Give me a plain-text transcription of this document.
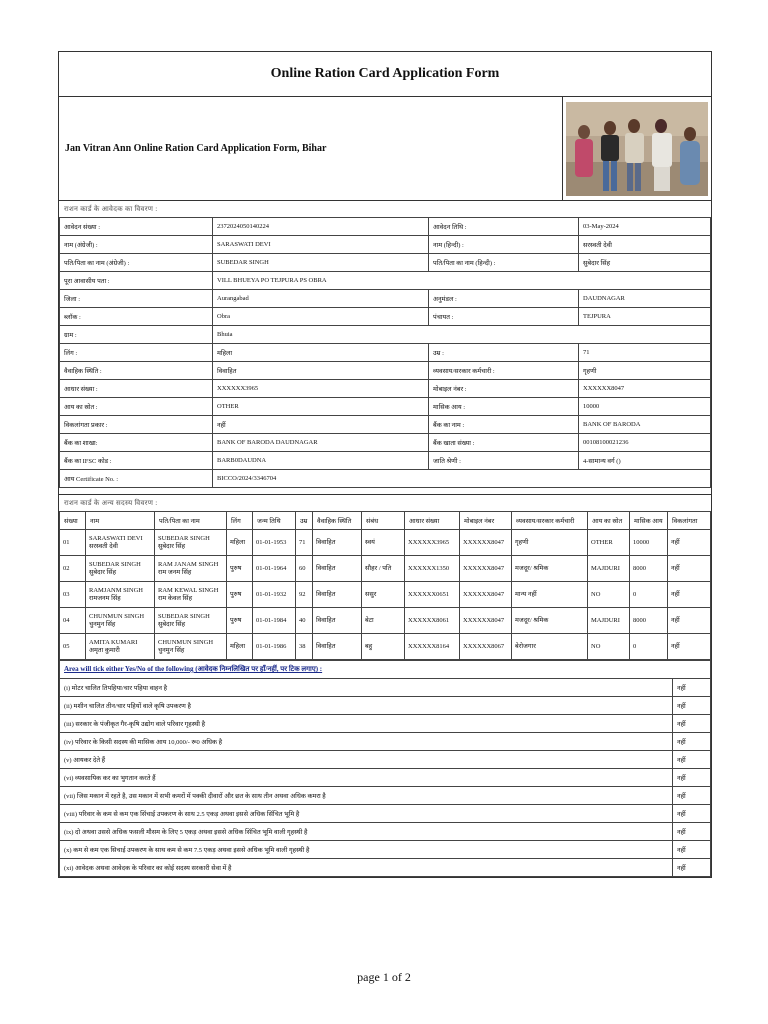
Online Ration Card Application Form
Jan Vitran Ann Online Ration Card Application Form, Bihar
राशन कार्ड के आवेदक का विवरण :
आवेदन संख्या :	2372024050140224	आवेदन तिथि :	03-May-2024
नाम (अंग्रेजी) :	SARASWATI DEVI	नाम (हिन्दी) :	सरस्वती देवी
पति/पिता का नाम (अंग्रेजी) :	SUBEDAR SINGH	पति/पिता का नाम (हिन्दी) :	सुबेदार सिंह
पूरा आवासीय पता :	VILL BHUEYA PO TEJPURA PS OBRA		
जिला :	Aurangabad	अनुमंडल :	DAUDNAGAR
ब्लॉक :	Obra	पंचायत :	TEJPURA
ग्राम :	Bhuia		
लिंग :	महिला	उम्र :	71
वैवाहिक स्थिति :	विवाहित	व्यवसाय/सरकार कर्मचारी :	गृहणी
आधार संख्या :	XXXXXX3965	मोबाइल नंबर :	XXXXXX8047
आय का स्रोत :	OTHER	मासिक आय :	10000
विकलांगता प्रकार :	नहीं	बैंक का नाम :	BANK OF BARODA
बैंक का शाखा:	BANK OF BARODA DAUDNAGAR	बैंक खाता संख्या :	00108100021236
बैंक का IFSC कोड :	BARB0DAUDNA	जाति श्रेणी :	4-सामान्य वर्ग ()
आय Certificate No. :	BICCO/2024/3346704		
राशन कार्ड के अन्य सदस्य विवरण :
संख्या	नाम	पति/पिता का नाम	लिंग	जन्म तिथि	उम्र	वैवाहिक स्थिति	संबंध	आधार संख्या	मोबाइल नंबर	व्यवसाय/सरकार कर्मचारी	आय का स्रोत	मासिक आय	विकलांगता
01	SARASWATI DEVI सरस्वती देवी	SUBEDAR SINGH सुबेदार सिंह	महिला	01-01-1953	71	विवाहित	स्वयं	XXXXXX3965	XXXXXX8047	गृहणी	OTHER	10000	नहीं
02	SUBEDAR SINGH सुबेदार सिंह	RAM JANAM SINGH राम जनम सिंह	पुरुष	01-01-1964	60	विवाहित	सौहर / पति	XXXXXX1350	XXXXXX8047	मजदूर/ श्रमिक	MAJDURI	8000	नहीं
03	RAMJANM SINGH रामजनम सिंह	RAM KEWAL SINGH राम केवल सिंह	पुरुष	01-01-1932	92	विवाहित	ससुर	XXXXXX0651	XXXXXX8047	मान्य नहीं	NO	0	नहीं
04	CHUNMUN SINGH चुनमुन सिंह	SUBEDAR SINGH सुबेदार सिंह	पुरुष	01-01-1984	40	विवाहित	बेटा	XXXXXX8061	XXXXXX8047	मजदूर/ श्रमिक	MAJDURI	8000	नहीं
05	AMITA KUMARI अमृता कुमारी	CHUNMUN SINGH चुनमुन सिंह	महिला	01-01-1986	38	विवाहित	बहु	XXXXXX8164	XXXXXX8067	बेरोजगार	NO	0	नहीं
Area will tick either Yes/No of the following (आवेदक निम्नलिखित पर हाँ/नहीं, पर टिक लगाए) :	
(i) मोटर चालित तिपहिया/चार पहिया वाहन है	नहीं
(ii) मशीन चालित तीन/चार पहियों वाले कृषि उपकरण है	नहीं
(iii) सरकार के पंजीकृत गैर-कृषि उद्योग वाले परिवार गृहस्थी है	नहीं
(iv) परिवार के किसी सदस्य की मासिक आय 10,000/- रू0 अधिक है	नहीं
(v) आयकर देते हैं	नहीं
(vi) व्यवसायिक कर का भुगतान करते हैं	नहीं
(vii) जिस मकान में रहते है, उस मकान में सभी कमरों में पक्की दीवारों और छत के साथ तीन अथवा अधिक कमरा है	नहीं
(viii) परिवार के कम से कम एक सिंचाई उपकरण के साथ 2.5 एकड़ अथवा इससे अधिक सिंचित भूमि है	नहीं
(ix) दो अथवा उससे अधिक फसली मौसम के लिए 5 एकड़ अथवा इससे अधिक सिंचित भूमि वाली गृहस्थी है	नहीं
(x) कम से कम एक सिचाई उपकरण के साथ कम से कम 7.5 एकड़ अथवा इससे अधिक भूमि वाली गृहस्थी है	नहीं
(xi) आवेदक अथवा आवेदक के परिवार का कोई सदस्य सरकारी सेवा में है	नहीं
page 1 of 2
